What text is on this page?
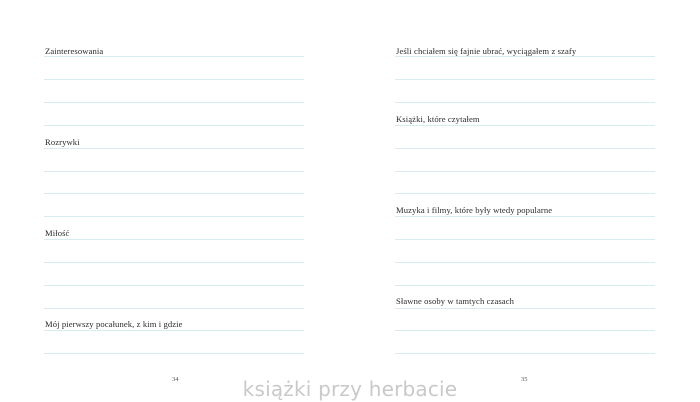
Zainteresowania
Rozrywki
Miłość
Mój pierwszy pocałunek, z kim i gdzie
34
Jeśli chciałem się fajnie ubrać, wyciągałem z szafy
Książki, które czytałem
Muzyka i filmy, które były wtedy popularne
Sławne osoby w tamtych czasach
35
książki przy herbacie
